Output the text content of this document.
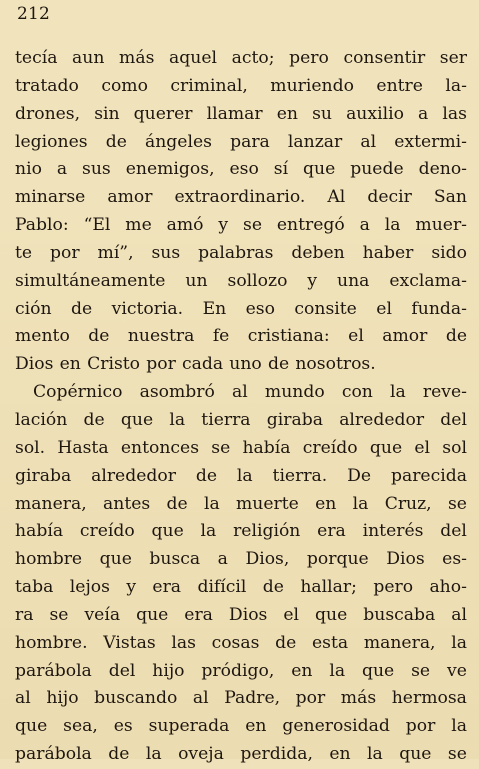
212
tecía aun más aquel acto; pero consentir ser
tratado como criminal, muriendo entre la-
drones, sin querer llamar en su auxilio a las
legiones de ángeles para lanzar al extermi-
nio a sus enemigos, eso sí que puede deno-
minarse amor extraordinario. Al decir San
Pablo: “El me amó y se entregó a la muer-
te por mí”, sus palabras deben haber sido
simultáneamente un sollozo y una exclama-
ción de victoria. En eso consite el funda-
mento de nuestra fe cristiana: el amor de
Dios en Cristo por cada uno de nosotros.
Copérnico asombró al mundo con la reve-
lación de que la tierra giraba alrededor del
sol. Hasta entonces se había creído que el sol
giraba alrededor de la tierra. De parecida
manera, antes de la muerte en la Cruz, se
había creído que la religión era interés del
hombre que busca a Dios, porque Dios es-
taba lejos y era difícil de hallar; pero aho-
ra se veía que era Dios el que buscaba al
hombre. Vistas las cosas de esta manera, la
parábola del hijo pródigo, en la que se ve
al hijo buscando al Padre, por más hermosa
que sea, es superada en generosidad por la
parábola de la oveja perdida, en la que se
